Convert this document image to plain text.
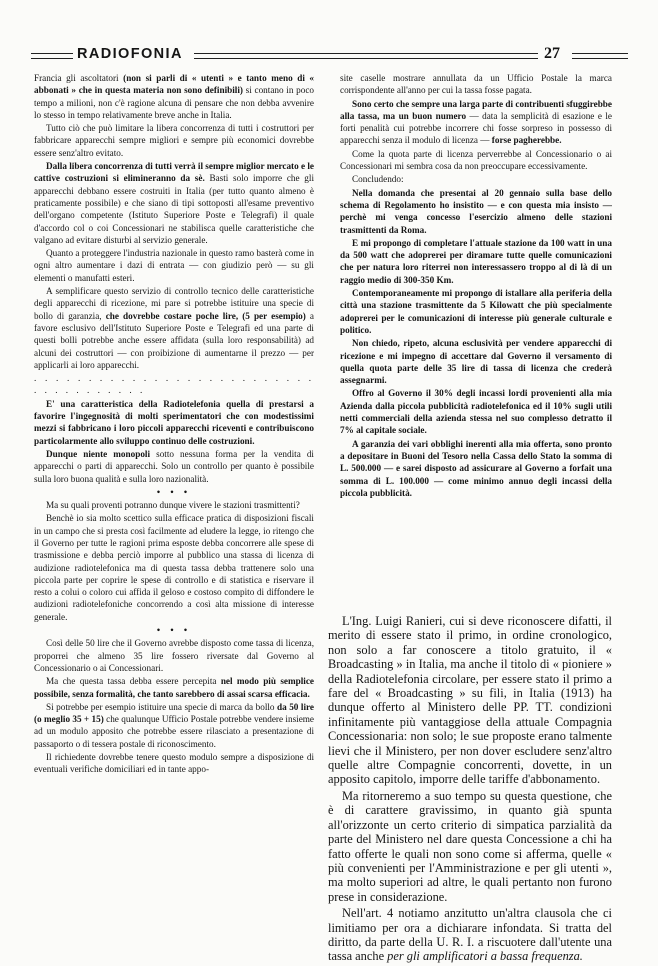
RADIOFONIA	27

Francia gli ascoltatori (non si parli di « utenti » e tanto meno di « abbonati » che in questa materia non sono definibili) si contano in poco tempo a milioni, non c'è ragione alcuna di pensare che non debba avvenire lo stesso in tempo relativamente breve anche in Italia.

Tutto ciò che può limitare la libera concorrenza di tutti i costruttori per fabbricare apparecchi sempre migliori e sempre più economici dovrebbe essere senz'altro evitato.

Dalla libera concorrenza di tutti verrà il sempre miglior mercato e le cattive costruzioni si elimineranno da sè. Basti solo imporre che gli apparecchi debbano essere costruiti in Italia (per tutto quanto almeno è praticamente possibile) e che siano di tipi sottoposti all'esame preventivo dell'organo competente (Istituto Superiore Poste e Telegrafi) il quale d'accordo col o coi Concessionari ne stabilisca quelle caratteristiche che valgano ad evitare disturbi al servizio generale.

Quanto a proteggere l'industria nazionale in questo ramo basterà come in ogni altro aumentare i dazi di entrata — con giudizio però — su gli elementi o manufatti esteri.

A semplificare questo servizio di controllo tecnico delle caratteristiche degli apparecchi di ricezione, mi pare si potrebbe istituire una specie di bollo di garanzia, che dovrebbe costare poche lire, (5 per esempio) a favore esclusivo dell'Istituto Superiore Poste e Telegrafi ed una parte di questi bolli potrebbe anche essere affidata (sulla loro responsabilità) ad alcuni dei costruttori — con proibizione di aumentarne il prezzo — per applicarli ai loro apparecchi.

. . . . . . . . . . . . . . . . . . . . . . . . . . . . . . . . . . . . .

E' una caratteristica della Radiotelefonia quella di prestarsi a favorire l'ingegnosità di molti sperimentatori che con modestissimi mezzi si fabbricano i loro piccoli apparecchi riceventi e contribuiscono particolarmente allo sviluppo continuo delle costruzioni.

Dunque niente monopoli sotto nessuna forma per la vendita di apparecchi o parti di apparecchi. Solo un controllo per quanto è possibile sulla loro buona qualità e sulla loro nazionalità.

• • •

Ma su quali proventi potranno dunque vivere le stazioni trasmittenti?

Benchè io sia molto scettico sulla efficace pratica di disposizioni fiscali in un campo che si presta così facilmente ad eludere la legge, io ritengo che il Governo per tutte le ragioni prima esposte debba concorrere alle spese di trasmissione e debba perciò imporre al pubblico una stassa di licenza di audizione radiotelefonica ma di questa tassa debba trattenere solo una piccola parte per coprire le spese di controllo e di statistica e riservare il resto a colui o coloro cui affida il geloso e costoso compito di diffondere le audizioni radiotelefoniche concorrendo a così alta missione di interesse generale.

• • •

Così delle 50 lire che il Governo avrebbe disposto come tassa di licenza, proporrei che almeno 35 lire fossero riversate dal Governo al Concessionario o ai Concessionari.

Ma che questa tassa debba essere percepita nel modo più semplice possibile, senza formalità, che tanto sarebbero di assai scarsa efficacia.

Si potrebbe per esempio istituire una specie di marca da bollo da 50 lire (o meglio 35 + 15) che qualunque Ufficio Postale potrebbe vendere insieme ad un modulo apposito che potrebbe essere rilasciato a presentazione di passaporto o di tessera postale di riconoscimento.

Il richiedente dovrebbe tenere questo modulo sempre a disposizione di eventuali verifiche domiciliari ed in tante appo-

site caselle mostrare annullata da un Ufficio Postale la marca corrispondente all'anno per cui la tassa fosse pagata.

Sono certo che sempre una larga parte di contribuenti sfuggirebbe alla tassa, ma un buon numero — data la semplicità di esazione e le forti penalità cui potrebbe incorrere chi fosse sorpreso in possesso di apparecchi senza il modulo di licenza — forse pagherebbe.

Come la quota parte di licenza perverrebbe al Concessionario o ai Concessionari mi sembra cosa da non preoccupare eccessivamente.

Concludendo:

Nella domanda che presentai al 20 gennaio sulla base dello schema di Regolamento ho insistito — e con questa mia insisto — perchè mi venga concesso l'esercizio almeno delle stazioni trasmittenti da Roma.

E mi propongo di completare l'attuale stazione da 100 watt in una da 500 watt che adoprerei per diramare tutte quelle comunicazioni che per natura loro riterrei non interessassero troppo al di là di un raggio medio di 300-350 Km.

Contemporaneamente mi propongo di istallare alla periferia della città una stazione trasmittente da 5 Kilowatt che più specialmente adoprerei per le comunicazioni di interesse più generale culturale e politico.

Non chiedo, ripeto, alcuna esclusività per vendere apparecchi di ricezione e mi impegno di accettare dal Governo il versamento di quella quota parte delle 35 lire di tassa di licenza che crederà assegnarmi.

Offro al Governo il 30% degli incassi lordi provenienti alla mia Azienda dalla piccola pubblicità radiotelefonica ed il 10% sugli utili netti commerciali della azienda stessa nel suo complesso detratto il 7% al capitale sociale.

A garanzia dei vari obblighi inerenti alla mia offerta, sono pronto a depositare in Buoni del Tesoro nella Cassa dello Stato la somma di L. 500.000 — e sarei disposto ad assicurare al Governo a forfait una somma di L. 100.000 — come minimo annuo degli incassi della piccola pubblicità.

L'Ing. Luigi Ranieri, cui si deve riconoscere difatti, il merito di essere stato il primo, in ordine cronologico, non solo a far conoscere a titolo gratuito, il « Broadcasting » in Italia, ma anche il titolo di « pioniere » della Radiotelefonia circolare, per essere stato il primo a fare del « Broadcasting » su fili, in Italia (1913) ha dunque offerto al Ministero delle PP. TT. condizioni infinitamente più vantaggiose della attuale Compagnia Concessionaria: non solo; le sue proposte erano talmente lievi che il Ministero, per non dover escludere senz'altro quelle altre Compagnie concorrenti, dovette, in un apposito capitolo, imporre delle tariffe d'abbonamento.

Ma ritorneremo a suo tempo su questa questione, che è di carattere gravissimo, in quanto già spunta all'orizzonte un certo criterio di simpatica parzialità da parte del Ministero nel dare questa Concessione a chi ha fatto offerte le quali non sono come si afferma, quelle « più convenienti per l'Amministrazione e per gli utenti », ma molto superiori ad altre, le quali pertanto non furono prese in considerazione.

Nell'art. 4 notiamo anzitutto un'altra clausola che ci limitiamo per ora a dichiarare infondata. Si tratta del diritto, da parte della U. R. I. a riscuotere dall'utente una tassa anche per gli amplificatori a bassa frequenza.
